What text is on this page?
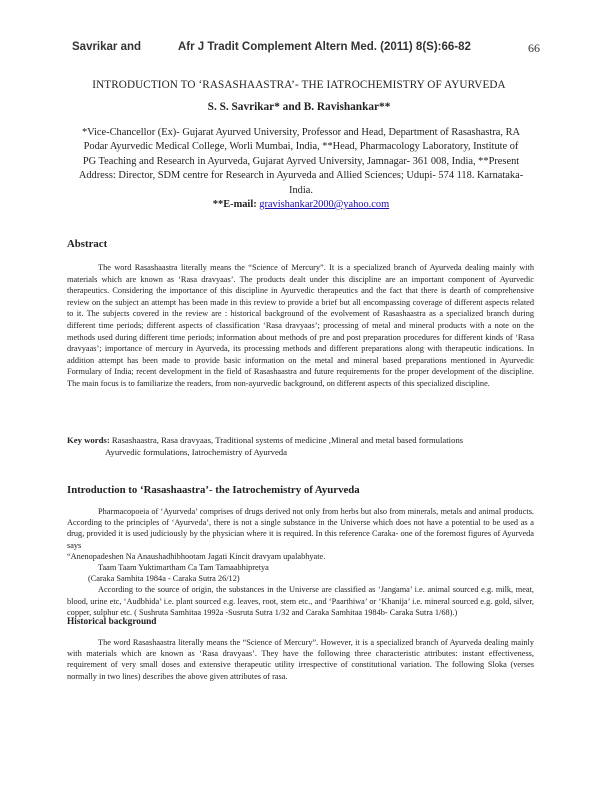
Savrikar and	Afr J Tradit Complement Altern Med. (2011) 8(S):66-82	66
INTRODUCTION TO ‘RASASHAASTRA’- THE IATROCHEMISTRY OF AYURVEDA
S. S. Savrikar* and B. Ravishankar**
*Vice-Chancellor (Ex)- Gujarat Ayurved University, Professor and Head, Department of Rasashastra, RA Podar Ayurvedic Medical College, Worli Mumbai, India, **Head, Pharmacology Laboratory, Institute of PG Teaching and Research in Ayurveda, Gujarat Ayrved University, Jamnagar- 361 008, India, **Present Address: Director, SDM centre for Research in Ayurveda and Allied Sciences; Udupi- 574 118. Karnataka- India.
**E-mail: gravishankar2000@yahoo.com
Abstract

The word Rasashaastra literally means the “Science of Mercury”. It is a specialized branch of Ayurveda dealing mainly with materials which are known as ‘Rasa dravyaas’. The products dealt under this discipline are an important component of Ayurvedic therapeutics. Considering the importance of this discipline in Ayurvedic therapeutics and the fact that there is dearth of comprehensive review on the subject an attempt has been made in this review to provide a brief but all encompassing coverage of different aspects related to it. The subjects covered in the review are : historical background of the evolvement of Rasashaastra as a specialized branch during different time periods; different aspects of classification ‘Rasa dravyaas’; processing of metal and mineral products with a note on the methods used during different time periods; information about methods of pre and post preparation procedures for different kinds of ‘Rasa dravyaas’; importance of mercury in Ayurveda, its processing methods and different preparations along with therapeutic indications. In addition attempt has been made to provide basic information on the metal and mineral based preparations mentioned in Ayurvedic Formulary of India; recent development in the field of Rasashaastra and future requirements for the proper development of the discipline. The main focus is to familiarize the readers, from non-ayurvedic background, on different aspects of this specialized discipline.

Key words: Rasashaastra, Rasa dravyaas, Traditional systems of medicine ,Mineral and metal based formulations
Ayurvedic formulations, Iatrochemistry of Ayurveda

Introduction to ‘Rasashaastra’- the Iatrochemistry of Ayurveda
Pharmacopoeia of ‘Ayurveda’ comprises of drugs derived not only from herbs but also from minerals, metals and animal products. According to the principles of ‘Ayurveda’, there is not a single substance in the Universe which does not have a potential to be used as a drug, provided it is used judiciously by the physician where it is required. In this reference Caraka- one of the foremost figures of Ayurveda says
“Anenopadeshen Na Anaushadhibhootam Jagati Kincit dravyam upalabhyate.
Taam Taam Yuktimartham Ca Tam Tamaabhipretya
(Caraka Samhita 1984a - Caraka Sutra 26/12)
According to the source of origin, the substances in the Universe are classified as ‘Jangama’ i.e. animal sourced e.g. milk, meat, blood, urine etc, ‘Audbhida’ i.e. plant sourced e.g. leaves, root, stem etc., and ‘Paarthiwa’ or ‘Khanija’ i.e. mineral sourced e.g. gold, silver, copper, sulphur etc. ( Sushruta Samhitaa 1992a -Susruta Sutra 1/32 and Caraka Samhitaa 1984b- Caraka Sutra 1/68).)
Historical background

The word Rasashaastra literally means the “Science of Mercury”. However, it is a specialized branch of Ayurveda dealing mainly with materials which are known as ‘Rasa dravyaas’. They have the following three characteristic attributes: instant effectiveness, requirement of very small doses and extensive therapeutic utility irrespective of constitutional variation. The following Sloka (verses normally in two lines) describes the above given attributes of rasa.
